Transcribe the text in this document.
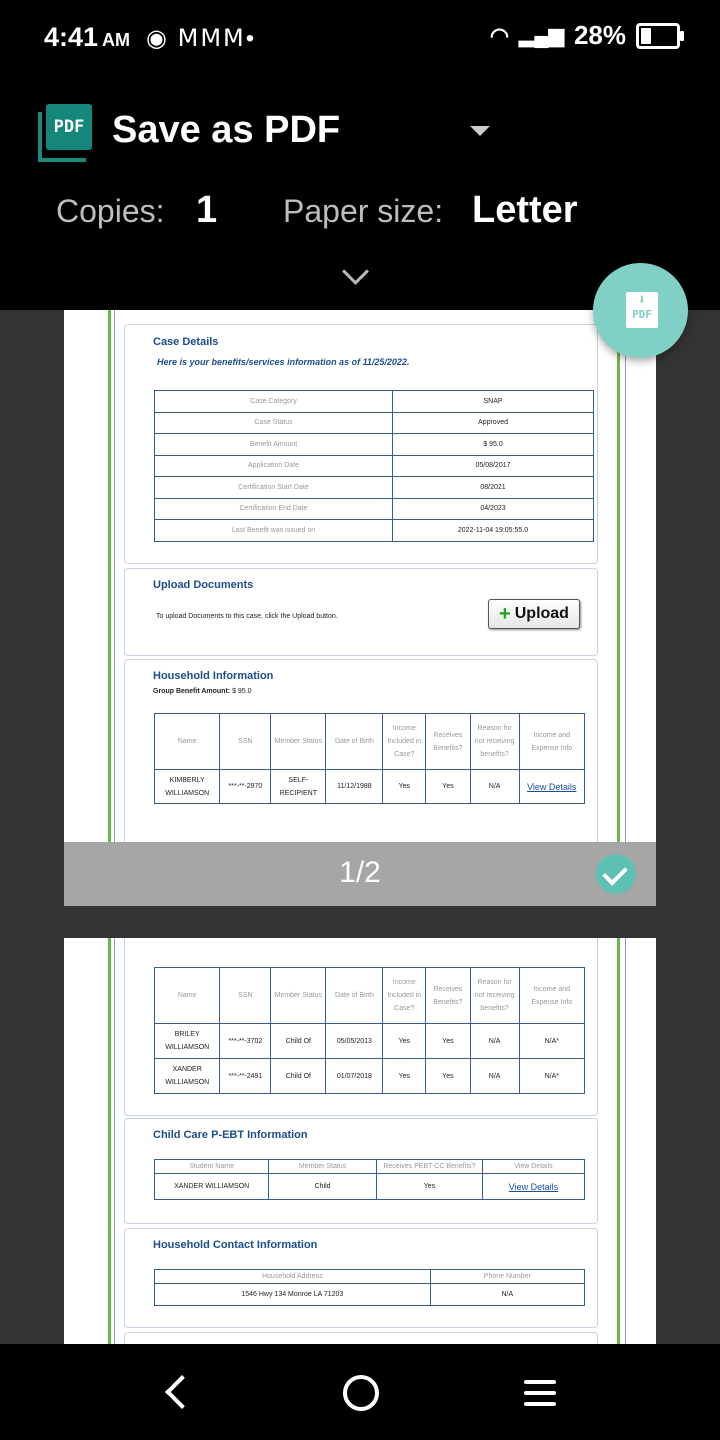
4:41 AM ◉ ⅯⅯⅯ•	◠ ▂▄▆ 28%
PDF Save as PDF
Copies: 1 Paper size: Letter
Case Details
Here is your benefits/services information as of 11/25/2022.
Case Category	SNAP
Case Status	Approved
Benefit Amount	$ 95.0
Application Date	05/08/2017
Certification Start Date	08/2021
Certification End Date	04/2023
Last Benefit was issued on	2022-11-04 19:05:55.0
Upload Documents
To upload Documents to this case, click the Upload button.	+ Upload
Household Information
Group Benefit Amount: $ 95.0
Name	SSN	Member Status	Date of Birth	Income Included in Case?	Receives Benefits?	Reason for not receiving benefits?	Income and Expense Info
KIMBERLY WILLIAMSON	***-**-2970	SELF-RECIPIENT	11/12/1988	Yes	Yes	N/A	View Details
1/2
Name	SSN	Member Status	Date of Birth	Income Included in Case?	Receives Benefits?	Reason for not receiving benefits?	Income and Expense Info
BRILEY WILLIAMSON	***-**-3702	Child Of	05/05/2013	Yes	Yes	N/A	N/A*
XANDER WILLIAMSON	***-**-2491	Child Of	01/07/2018	Yes	Yes	N/A	N/A*
Child Care P-EBT Information
Student Name	Member Status	Receives PEBT-CC Benefits?	View Details
XANDER WILLIAMSON	Child	Yes	View Details
Household Contact Information
Household Address	Phone Number
1546 Hwy 134 Monroe LA 71203	N/A
⬇
PDF
